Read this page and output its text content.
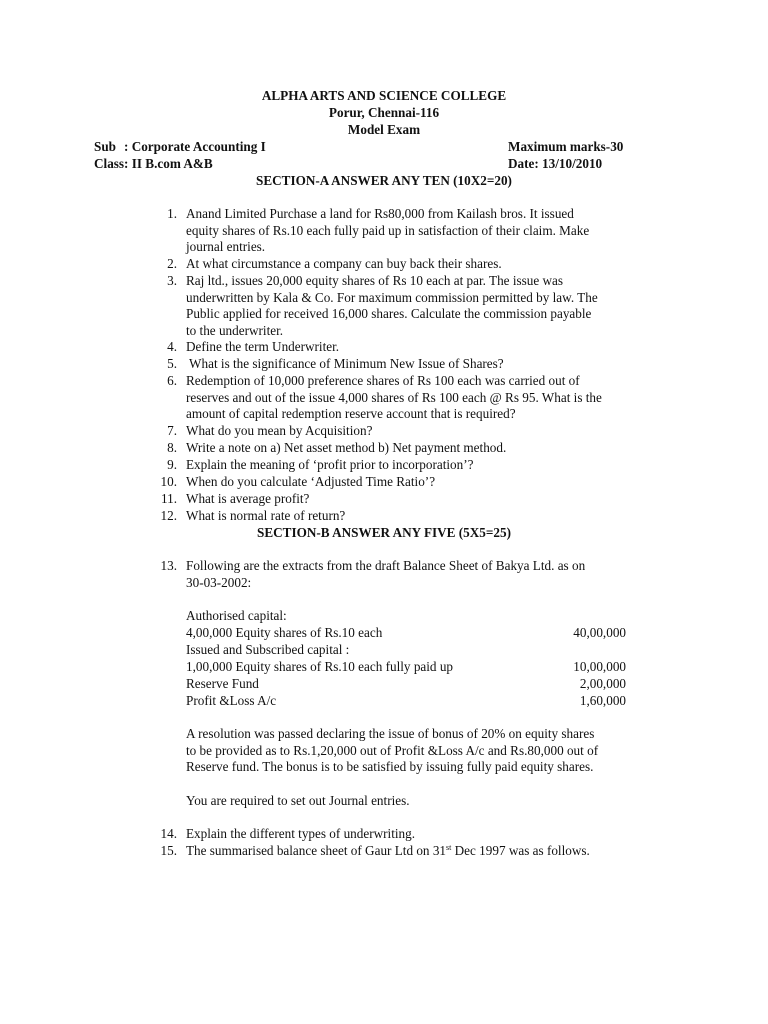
ALPHA ARTS AND SCIENCE COLLEGE
Porur, Chennai-116
Model Exam
Sub : Corporate Accounting I	Maximum marks-30
Class: II B.com A&B	Date: 13/10/2010
SECTION-A ANSWER ANY TEN (10X2=20)
1. Anand Limited Purchase a land for Rs80,000 from Kailash bros. It issued
equity shares of Rs.10 each fully paid up in satisfaction of their claim. Make
journal entries.
2. At what circumstance a company can buy back their shares.
3. Raj ltd., issues 20,000 equity shares of Rs 10 each at par. The issue was
underwritten by Kala & Co. For maximum commission permitted by law. The
Public applied for received 16,000 shares. Calculate the commission payable
to the underwriter.
4. Define the term Underwriter.
5. What is the significance of Minimum New Issue of Shares?
6. Redemption of 10,000 preference shares of Rs 100 each was carried out of
reserves and out of the issue 4,000 shares of Rs 100 each @ Rs 95. What is the
amount of capital redemption reserve account that is required?
7. What do you mean by Acquisition?
8. Write a note on a) Net asset method b) Net payment method.
9. Explain the meaning of ‘profit prior to incorporation’?
10. When do you calculate ‘Adjusted Time Ratio’?
11. What is average profit?
12. What is normal rate of return?
SECTION-B ANSWER ANY FIVE (5X5=25)
13. Following are the extracts from the draft Balance Sheet of Bakya Ltd. as on
30-03-2002:
Authorised capital:
4,00,000 Equity shares of Rs.10 each	40,00,000
Issued and Subscribed capital :
1,00,000 Equity shares of Rs.10 each fully paid up	10,00,000
Reserve Fund	2,00,000
Profit &Loss A/c	1,60,000
A resolution was passed declaring the issue of bonus of 20% on equity shares
to be provided as to Rs.1,20,000 out of Profit &Loss A/c and Rs.80,000 out of
Reserve fund. The bonus is to be satisfied by issuing fully paid equity shares.
You are required to set out Journal entries.
14. Explain the different types of underwriting.
15. The summarised balance sheet of Gaur Ltd on 31st Dec 1997 was as follows.
